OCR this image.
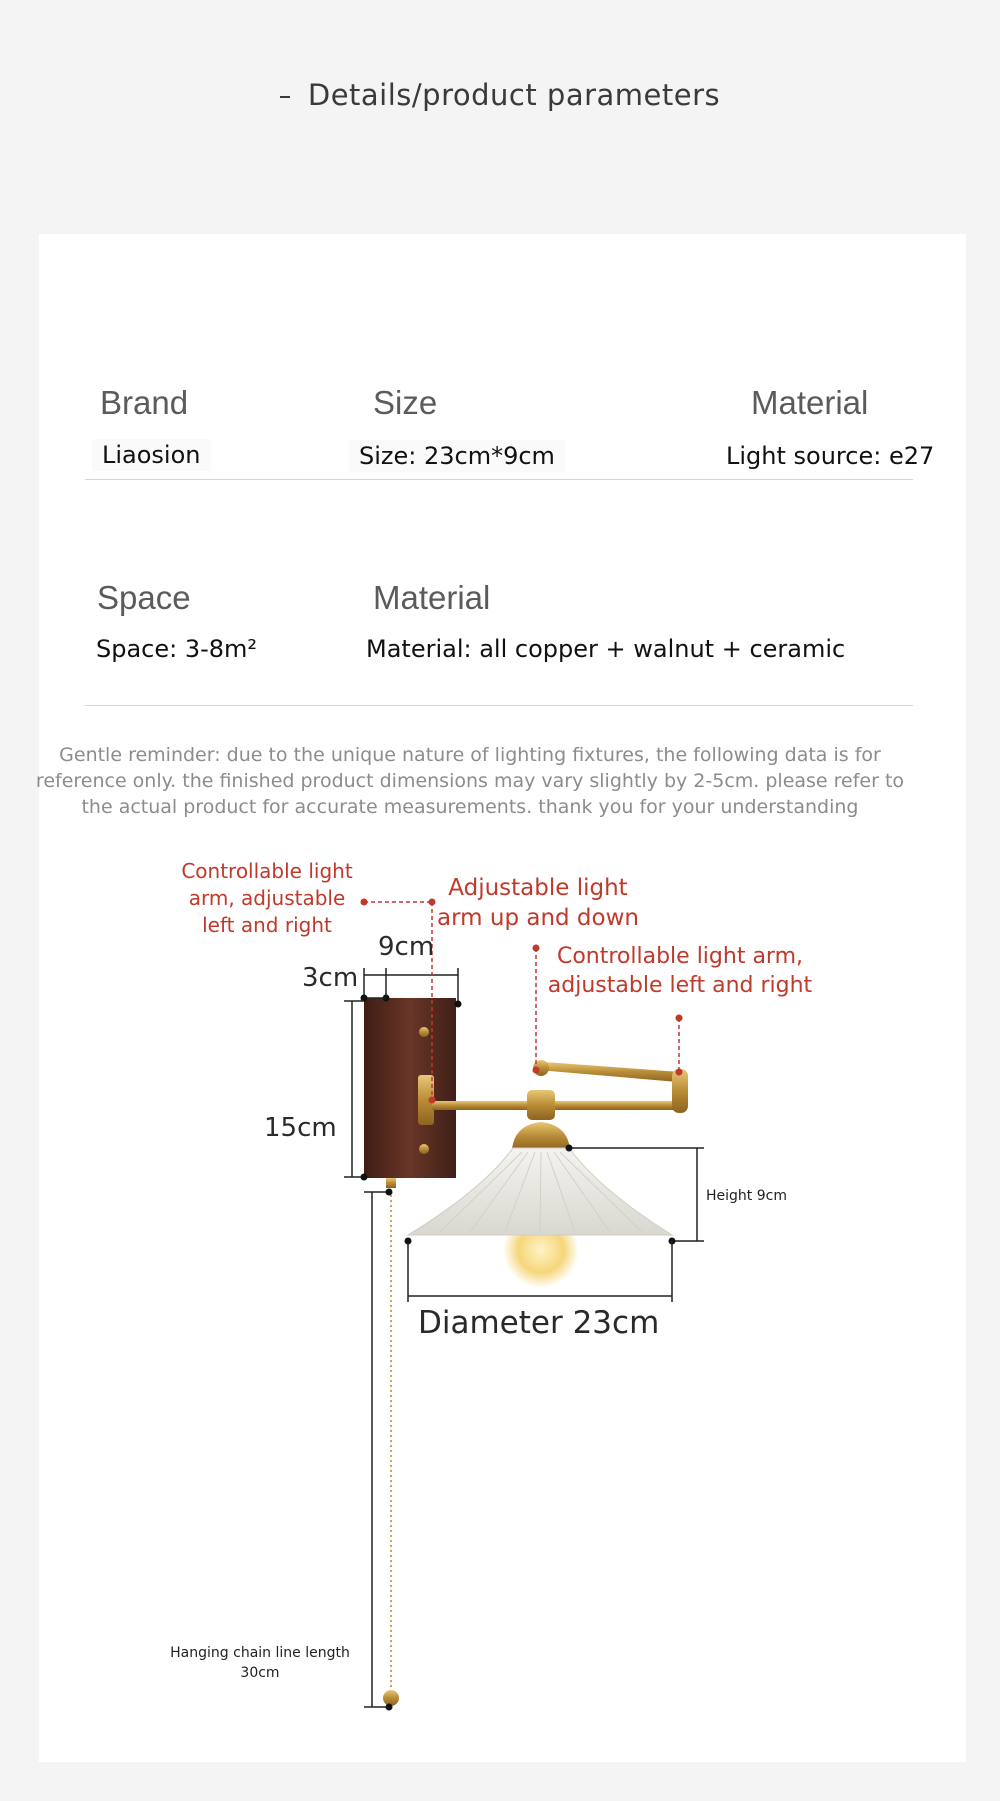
Details/product parameters
Brand	Size	Material
Liaosion	Size: 23cm*9cm	Light source: e27
Space	Material
Space: 3-8m²	Material: all copper + walnut + ceramic
Gentle reminder: due to the unique nature of lighting fixtures, the following data is for reference only. the finished product dimensions may vary slightly by 2-5cm. please refer to the actual product for accurate measurements. thank you for your understanding
Controllable light arm, adjustable left and right
Adjustable light arm up and down
Controllable light arm, adjustable left and right
9cm
3cm
15cm
Height 9cm
Diameter 23cm
Hanging chain line length 30cm
